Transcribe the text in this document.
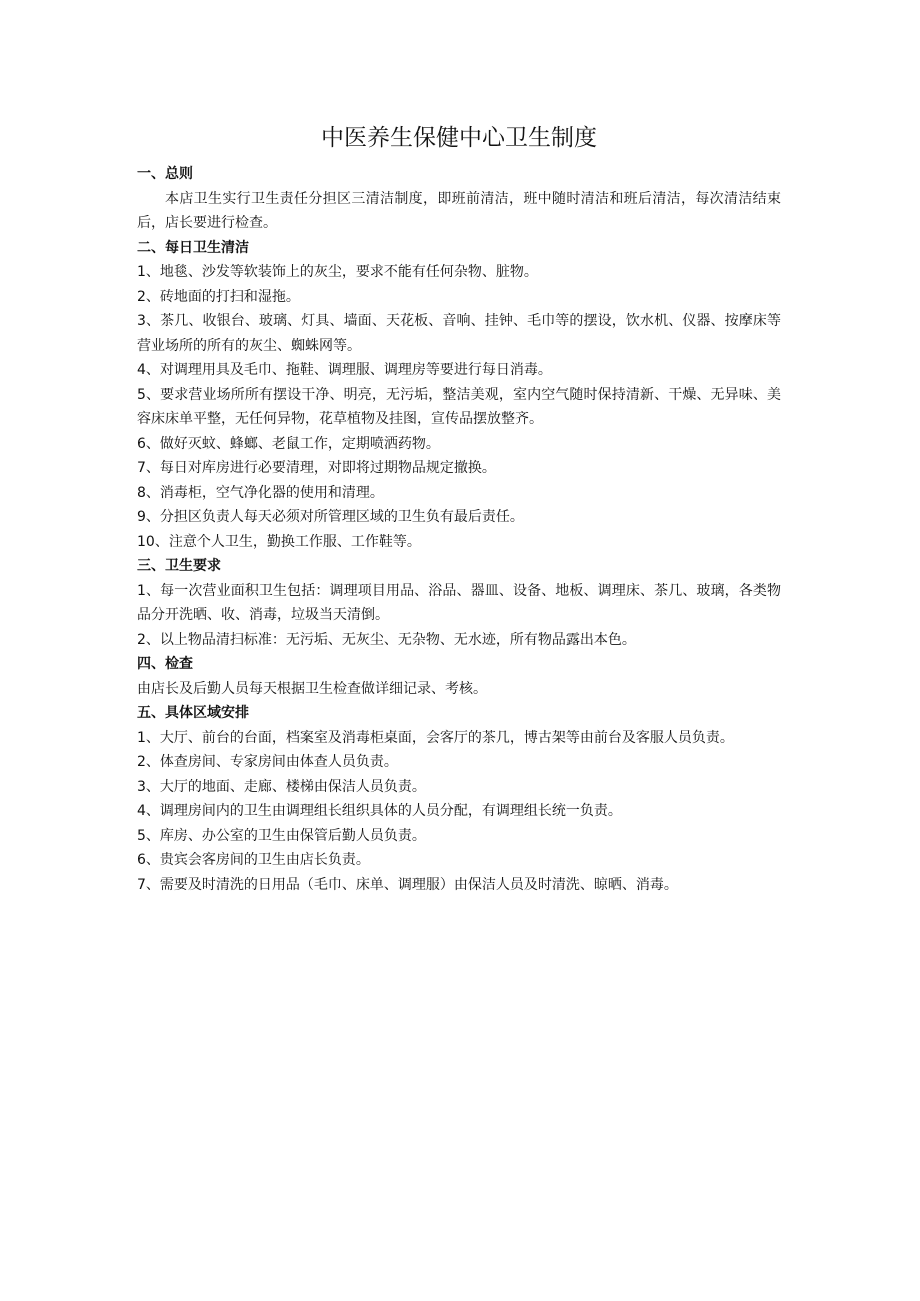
中医养生保健中心卫生制度
一、总则

本店卫生实行卫生责任分担区三清洁制度，即班前清洁，班中随时清洁和班后清洁，每次清洁结束后，店长要进行检查。

二、每日卫生清洁

1、地毯、沙发等软装饰上的灰尘，要求不能有任何杂物、脏物。

2、砖地面的打扫和湿拖。

3、茶几、收银台、玻璃、灯具、墙面、天花板、音响、挂钟、毛巾等的摆设，饮水机、仪器、按摩床等营业场所的所有的灰尘、蜘蛛网等。

4、对调理用具及毛巾、拖鞋、调理服、调理房等要进行每日消毒。

5、要求营业场所所有摆设干净、明亮，无污垢，整洁美观，室内空气随时保持清新、干燥、无异味、美容床床单平整，无任何异物，花草植物及挂图，宣传品摆放整齐。

6、做好灭蚊、蜂螂、老鼠工作，定期喷洒药物。

7、每日对库房进行必要清理，对即将过期物品规定撤换。

8、消毒柜，空气净化器的使用和清理。

9、分担区负责人每天必须对所管理区域的卫生负有最后责任。

10、注意个人卫生，勤换工作服、工作鞋等。

三、卫生要求

1、每一次营业面积卫生包括：调理项目用品、浴品、器皿、设备、地板、调理床、茶几、玻璃，各类物品分开洗晒、收、消毒，垃圾当天清倒。

2、以上物品清扫标准：无污垢、无灰尘、无杂物、无水迹，所有物品露出本色。

四、检查

由店长及后勤人员每天根据卫生检查做详细记录、考核。

五、具体区域安排

1、大厅、前台的台面，档案室及消毒柜桌面，会客厅的茶几，博古架等由前台及客服人员负责。

2、体查房间、专家房间由体查人员负责。

3、大厅的地面、走廊、楼梯由保洁人员负责。

4、调理房间内的卫生由调理组长组织具体的人员分配，有调理组长统一负责。

5、库房、办公室的卫生由保管后勤人员负责。

6、贵宾会客房间的卫生由店长负责。

7、需要及时清洗的日用品（毛巾、床单、调理服）由保洁人员及时清洗、晾晒、消毒。
